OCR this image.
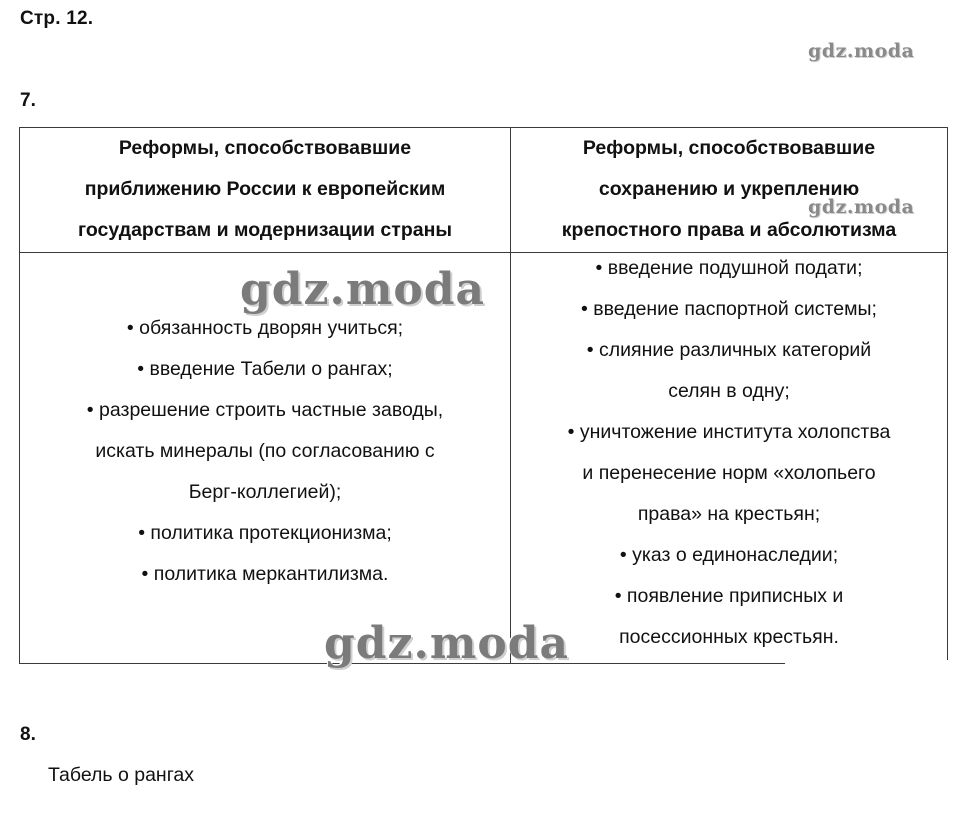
Стр. 12.
gdz.moda
7.
Реформы, способствовавшие
приближению России к европейским
государствам и модернизации страны
Реформы, способствовавшие
сохранению и укреплению
крепостного права и абсолютизма
• обязанность дворян учиться;
• введение Табели о рангах;
• разрешение строить частные заводы,
искать минералы (по согласованию с
Берг-коллегией);
• политика протекционизма;
• политика меркантилизма.
• введение подушной подати;
• введение паспортной системы;
• слияние различных категорий
селян в одну;
• уничтожение института холопства
и перенесение норм «холопьего
права» на крестьян;
• указ о единонаследии;
• появление приписных и
посессионных крестьян.
gdz.moda
gdz.moda
gdz.moda
8.
Табель о рангах
